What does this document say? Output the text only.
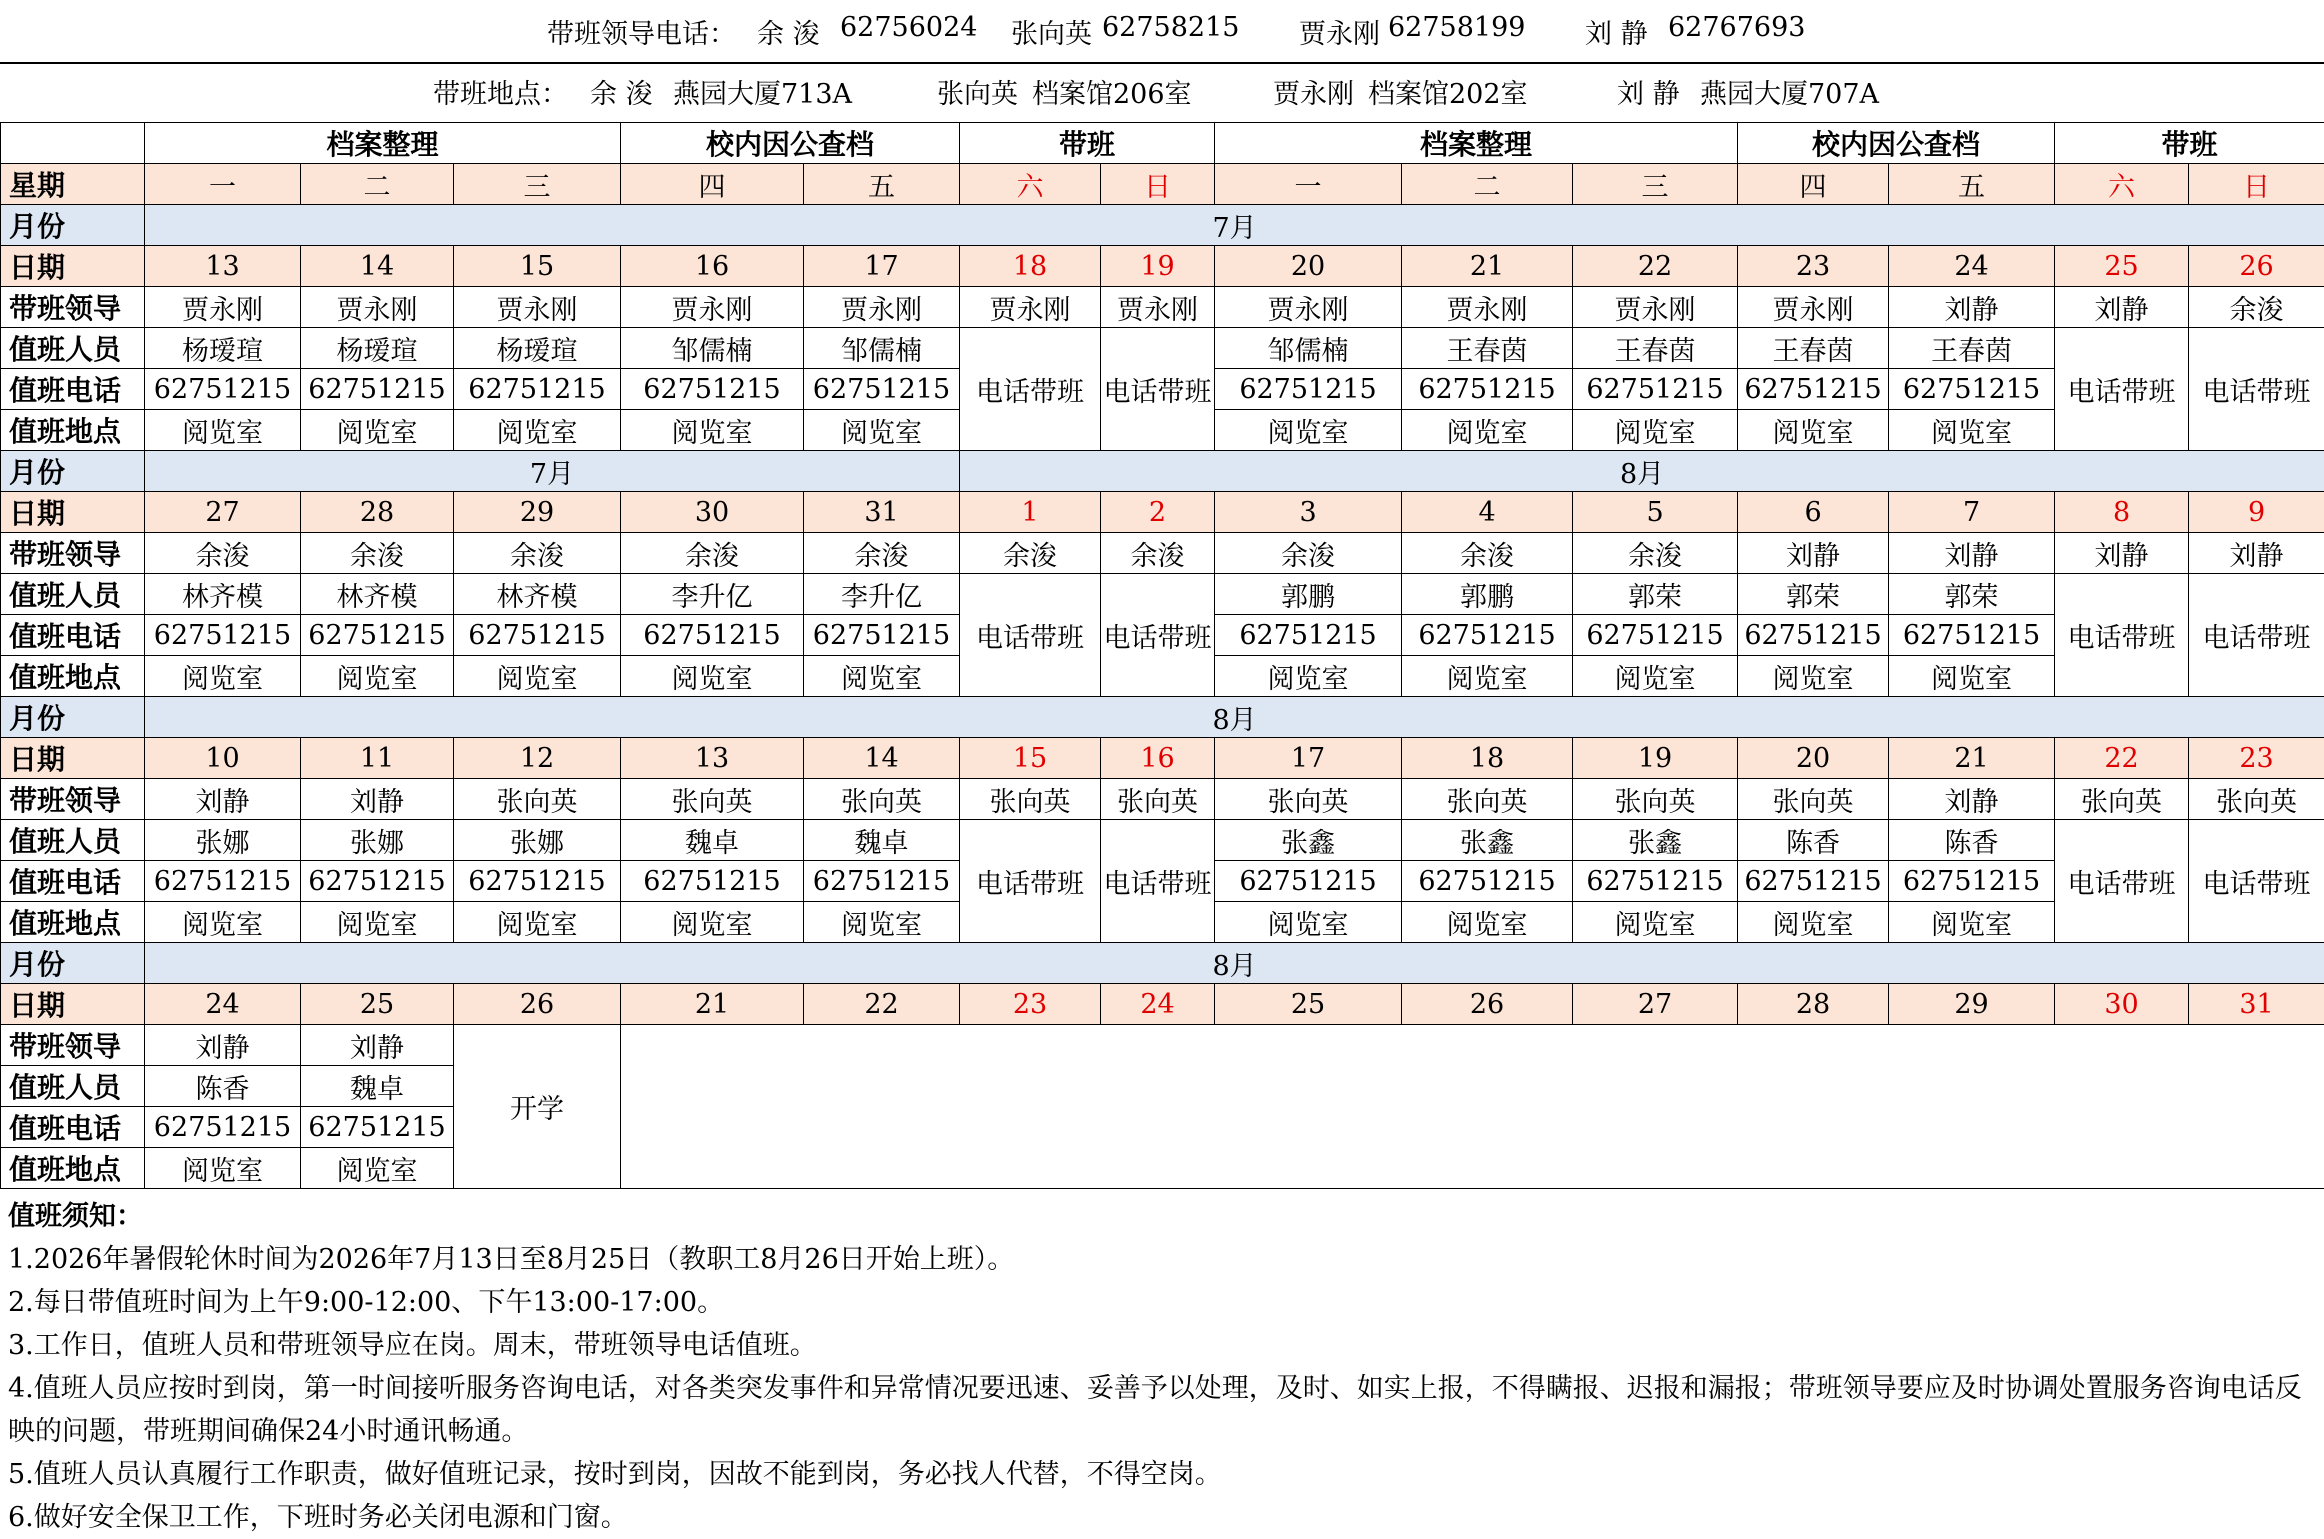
带班领导电话： 余 浚 62756024 张向英 62758215 贾永刚 62758199 刘 静 62767693
带班地点： 余 浚 燕园大厦713A	张向英 档案馆206室	贾永刚 档案馆202室	刘 静 燕园大厦707A
	档案整理			校内因公查档		带班		档案整理			校内因公查档		带班	
星期	一	二	三	四	五	六	日	一	二	三	四	五	六	日
月份	7月													
日期	13	14	15	16	17	18	19	20	21	22	23	24	25	26
带班领导	贾永刚	贾永刚	贾永刚	贾永刚	贾永刚	贾永刚	贾永刚	贾永刚	贾永刚	贾永刚	贾永刚	刘静	刘静	余浚
值班人员	杨瑷瑄	杨瑷瑄	杨瑷瑄	邹儒楠	邹儒楠	电话带班	电话带班	邹儒楠	王春茵	王春茵	王春茵	王春茵	电话带班	电话带班
值班电话	62751215	62751215	62751215	62751215	62751215			62751215	62751215	62751215	62751215	62751215		
值班地点	阅览室	阅览室	阅览室	阅览室	阅览室			阅览室	阅览室	阅览室	阅览室	阅览室		
月份	7月					8月								
日期	27	28	29	30	31	1	2	3	4	5	6	7	8	9
带班领导	余浚	余浚	余浚	余浚	余浚	余浚	余浚	余浚	余浚	余浚	刘静	刘静	刘静	刘静
值班人员	林齐模	林齐模	林齐模	李升亿	李升亿	电话带班	电话带班	郭鹏	郭鹏	郭荣	郭荣	郭荣	电话带班	电话带班
值班电话	62751215	62751215	62751215	62751215	62751215			62751215	62751215	62751215	62751215	62751215		
值班地点	阅览室	阅览室	阅览室	阅览室	阅览室			阅览室	阅览室	阅览室	阅览室	阅览室		
月份	8月													
日期	10	11	12	13	14	15	16	17	18	19	20	21	22	23
带班领导	刘静	刘静	张向英	张向英	张向英	张向英	张向英	张向英	张向英	张向英	张向英	刘静	张向英	张向英
值班人员	张娜	张娜	张娜	魏卓	魏卓	电话带班	电话带班	张鑫	张鑫	张鑫	陈香	陈香	电话带班	电话带班
值班电话	62751215	62751215	62751215	62751215	62751215			62751215	62751215	62751215	62751215	62751215		
值班地点	阅览室	阅览室	阅览室	阅览室	阅览室			阅览室	阅览室	阅览室	阅览室	阅览室		
月份	8月													
日期	24	25	26	21	22	23	24	25	26	27	28	29	30	31
带班领导	刘静	刘静	开学											
值班人员	陈香	魏卓												
值班电话	62751215	62751215												
值班地点	阅览室	阅览室												
值班须知：
1.2026年暑假轮休时间为2026年7月13日至8月25日（教职工8月26日开始上班）。
2.每日带值班时间为上午9:00-12:00、下午13:00-17:00。
3.工作日，值班人员和带班领导应在岗。周末，带班领导电话值班。
4.值班人员应按时到岗，第一时间接听服务咨询电话，对各类突发事件和异常情况要迅速、妥善予以处理，及时、如实上报，不得瞒报、迟报和漏报；带班领导要应及时协调处置服务咨询电话反映的问题，带班期间确保24小时通讯畅通。
5.值班人员认真履行工作职责，做好值班记录，按时到岗，因故不能到岗，务必找人代替，不得空岗。
6.做好安全保卫工作，下班时务必关闭电源和门窗。
